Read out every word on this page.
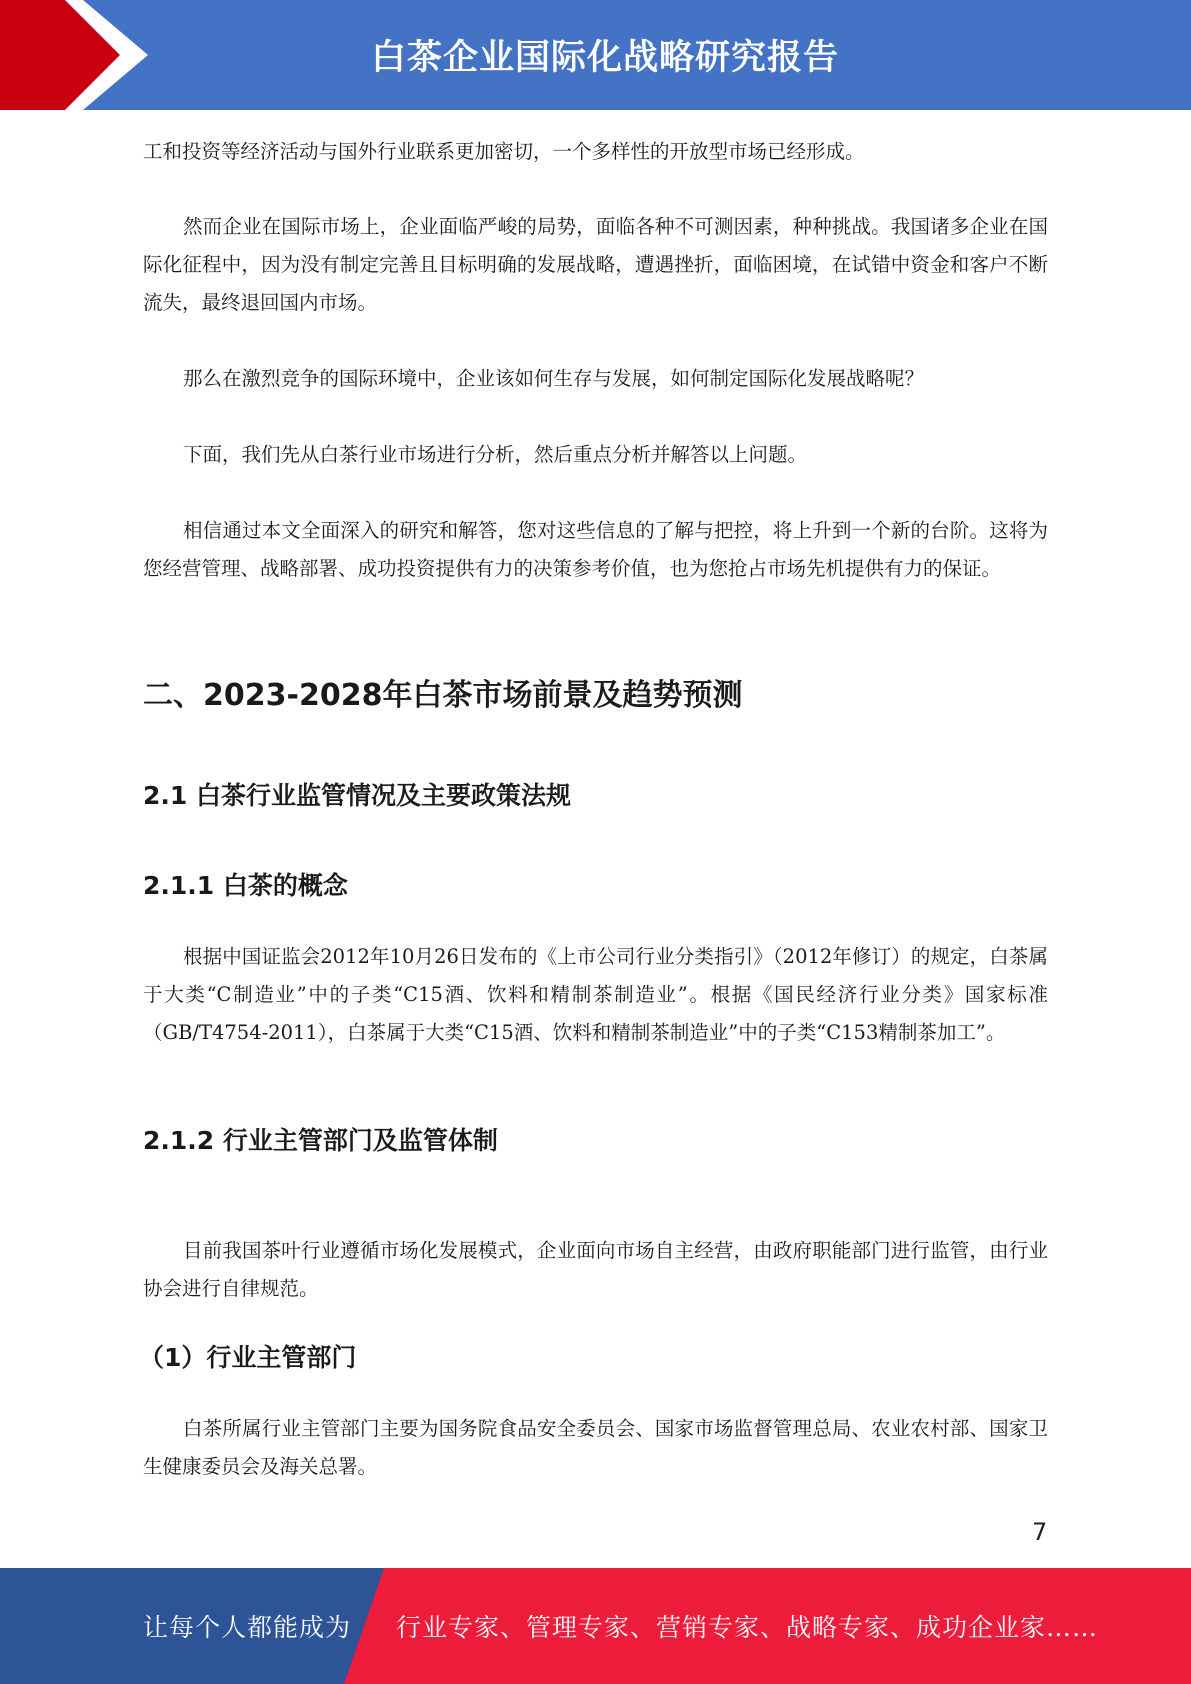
白茶企业国际化战略研究报告

工和投资等经济活动与国外行业联系更加密切，一个多样性的开放型市场已经形成。

然而企业在国际市场上，企业面临严峻的局势，面临各种不可测因素，种种挑战。我国诸多企业在国际化征程中，因为没有制定完善且目标明确的发展战略，遭遇挫折，面临困境，在试错中资金和客户不断流失，最终退回国内市场。

那么在激烈竞争的国际环境中，企业该如何生存与发展，如何制定国际化发展战略呢？

下面，我们先从白茶行业市场进行分析，然后重点分析并解答以上问题。

相信通过本文全面深入的研究和解答，您对这些信息的了解与把控，将上升到一个新的台阶。这将为您经营管理、战略部署、成功投资提供有力的决策参考价值，也为您抢占市场先机提供有力的保证。

二、2023-2028年白茶市场前景及趋势预测
2.1 白茶行业监管情况及主要政策法规
2.1.1 白茶的概念

根据中国证监会2012年10月26日发布的《上市公司行业分类指引》（2012年修订）的规定，白茶属于大类“C制造业”中的子类“C15酒、饮料和精制茶制造业”。根据《国民经济行业分类》国家标准（GB/T4754-2011），白茶属于大类“C15酒、饮料和精制茶制造业”中的子类“C153精制茶加工”。

2.1.2 行业主管部门及监管体制

目前我国茶叶行业遵循市场化发展模式，企业面向市场自主经营，由政府职能部门进行监管，由行业协会进行自律规范。

（1）行业主管部门

白茶所属行业主管部门主要为国务院食品安全委员会、国家市场监督管理总局、农业农村部、国家卫生健康委员会及海关总署。

7
让每个人都能成为 行业专家、管理专家、营销专家、战略专家、成功企业家……
